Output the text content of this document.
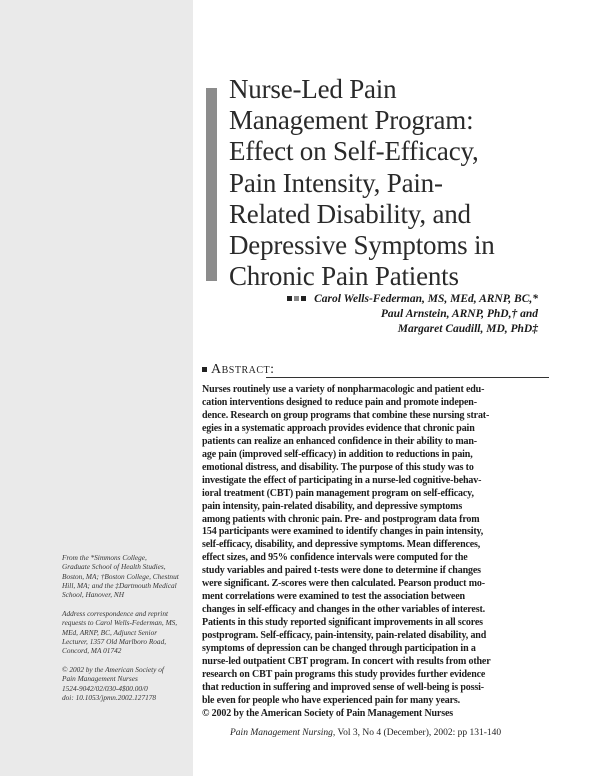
Nurse-Led Pain
Management Program:
Effect on Self-Efficacy,
Pain Intensity, Pain-
Related Disability, and
Depressive Symptoms in
Chronic Pain Patients
Carol Wells-Federman, MS, MEd, ARNP, BC,*
Paul Arnstein, ARNP, PhD,† and
Margaret Caudill, MD, PhD‡
Abstract:
Nurses routinely use a variety of nonpharmacologic and patient edu-
cation interventions designed to reduce pain and promote indepen-
dence. Research on group programs that combine these nursing strat-
egies in a systematic approach provides evidence that chronic pain
patients can realize an enhanced confidence in their ability to man-
age pain (improved self-efficacy) in addition to reductions in pain,
emotional distress, and disability. The purpose of this study was to
investigate the effect of participating in a nurse-led cognitive-behav-
ioral treatment (CBT) pain management program on self-efficacy,
pain intensity, pain-related disability, and depressive symptoms
among patients with chronic pain. Pre- and postprogram data from
154 participants were examined to identify changes in pain intensity,
self-efficacy, disability, and depressive symptoms. Mean differences,
effect sizes, and 95% confidence intervals were computed for the
study variables and paired t-tests were done to determine if changes
were significant. Z-scores were then calculated. Pearson product mo-
ment correlations were examined to test the association between
changes in self-efficacy and changes in the other variables of interest.
Patients in this study reported significant improvements in all scores
postprogram. Self-efficacy, pain-intensity, pain-related disability, and
symptoms of depression can be changed through participation in a
nurse-led outpatient CBT program. In concert with results from other
research on CBT pain programs this study provides further evidence
that reduction in suffering and improved sense of well-being is possi-
ble even for people who have experienced pain for many years.
© 2002 by the American Society of Pain Management Nurses
From the *Simmons College,
Graduate School of Health Studies,
Boston, MA; †Boston College, Chestnut
Hill, MA; and the ‡Dartmouth Medical
School, Hanover, NH
Address correspondence and reprint
requests to Carol Wells-Federman, MS,
MEd, ARNP, BC, Adjunct Senior
Lecturer, 1357 Old Marlboro Road,
Concord, MA 01742
© 2002 by the American Society of
Pain Management Nurses
1524-9042/02/030-4$00.00/0
doi: 10.1053/jpmn.2002.127178
Pain Management Nursing, Vol 3, No 4 (December), 2002: pp 131-140
